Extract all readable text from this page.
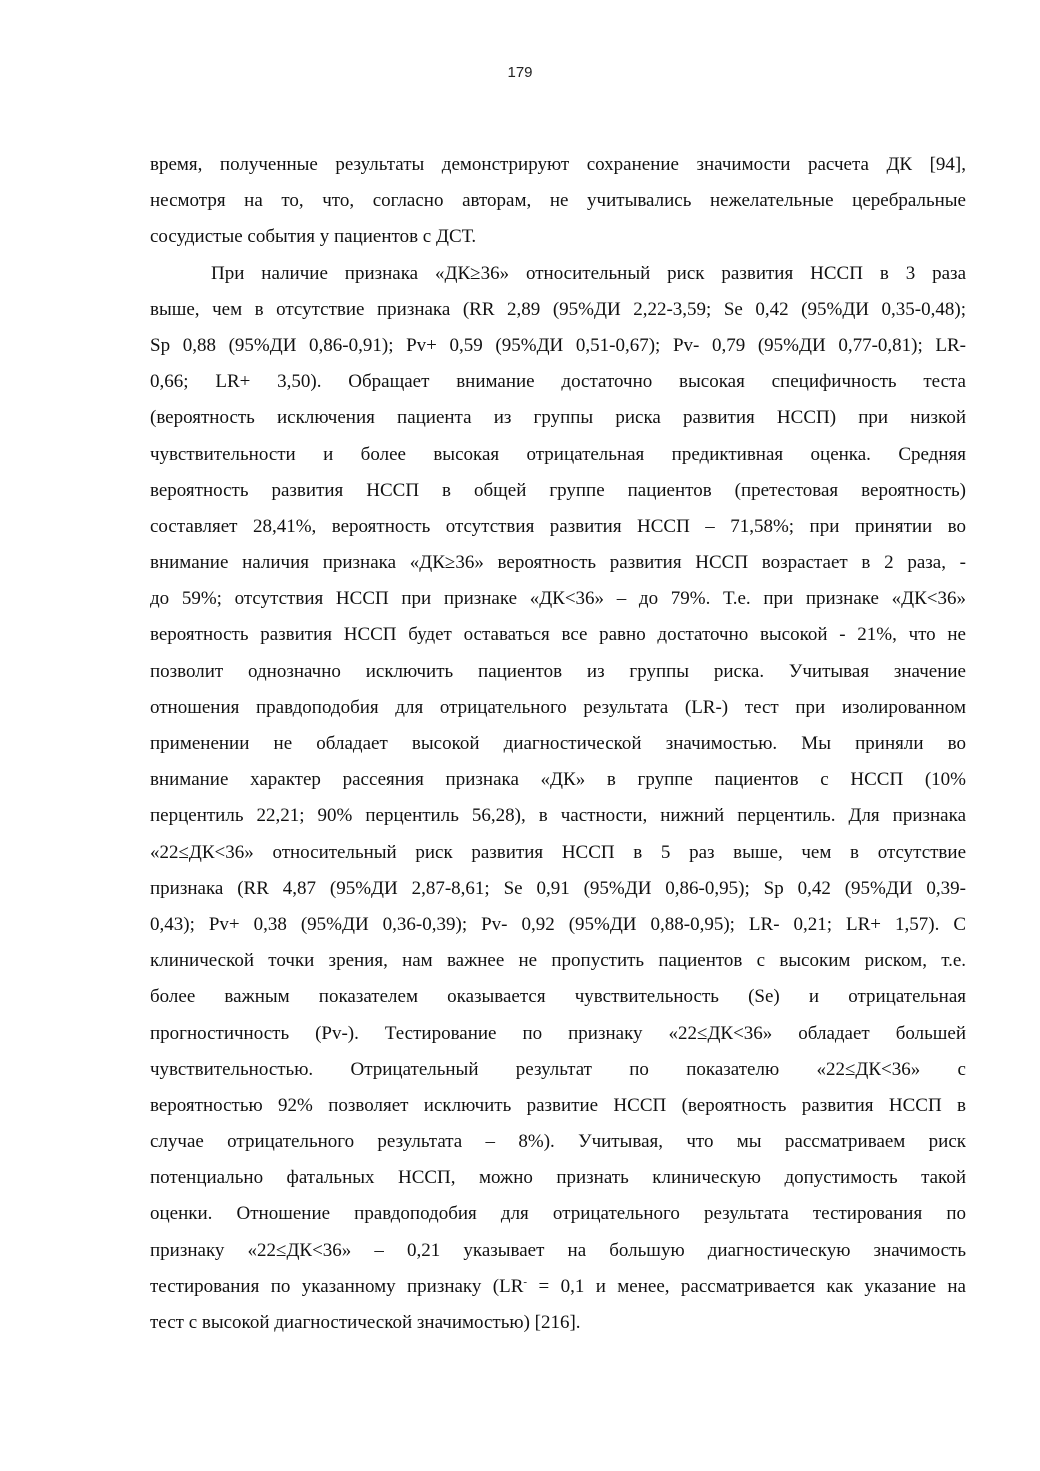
179
время, полученные результаты демонстрируют сохранение значимости расчета ДК [94],
несмотря на то, что, согласно авторам, не учитывались нежелательные церебральные
сосудистые события у пациентов с ДСТ.
При наличие признака «ДК≥36» относительный риск развития НССП в 3 раза
выше, чем в отсутствие признака (RR 2,89 (95%ДИ 2,22-3,59; Se 0,42 (95%ДИ 0,35-0,48);
Sp 0,88 (95%ДИ 0,86-0,91); Pv+ 0,59 (95%ДИ 0,51-0,67); Pv- 0,79 (95%ДИ 0,77-0,81); LR-
0,66; LR+ 3,50). Обращает внимание достаточно высокая специфичность теста
(вероятность исключения пациента из группы риска развития НССП) при низкой
чувствительности и более высокая отрицательная предиктивная оценка. Средняя
вероятность развития НССП в общей группе пациентов (претестовая вероятность)
составляет 28,41%, вероятность отсутствия развития НССП – 71,58%; при принятии во
внимание наличия признака «ДК≥36» вероятность развития НССП возрастает в 2 раза, -
до 59%; отсутствия НССП при признаке «ДК<36» – до 79%. Т.е. при признаке «ДК<36»
вероятность развития НССП будет оставаться все равно достаточно высокой - 21%, что не
позволит однозначно исключить пациентов из группы риска. Учитывая значение
отношения правдоподобия для отрицательного результата (LR-) тест при изолированном
применении не обладает высокой диагностической значимостью. Мы приняли во
внимание характер рассеяния признака «ДК» в группе пациентов с НССП (10%
перцентиль 22,21; 90% перцентиль 56,28), в частности, нижний перцентиль. Для признака
«22≤ДК<36» относительный риск развития НССП в 5 раз выше, чем в отсутствие
признака (RR 4,87 (95%ДИ 2,87-8,61; Se 0,91 (95%ДИ 0,86-0,95); Sp 0,42 (95%ДИ 0,39-
0,43); Pv+ 0,38 (95%ДИ 0,36-0,39); Pv- 0,92 (95%ДИ 0,88-0,95); LR- 0,21; LR+ 1,57). С
клинической точки зрения, нам важнее не пропустить пациентов с высоким риском, т.е.
более важным показателем оказывается чувствительность (Se) и отрицательная
прогностичность (Pv-). Тестирование по признаку «22≤ДК<36» обладает большей
чувствительностью. Отрицательный результат по показателю «22≤ДК<36» с
вероятностью 92% позволяет исключить развитие НССП (вероятность развития НССП в
случае отрицательного результата – 8%). Учитывая, что мы рассматриваем риск
потенциально фатальных НССП, можно признать клиническую допустимость такой
оценки. Отношение правдоподобия для отрицательного результата тестирования по
признаку «22≤ДК<36» – 0,21 указывает на большую диагностическую значимость
тестирования по указанному признаку (LR- = 0,1 и менее, рассматривается как указание на
тест с высокой диагностической значимостью) [216].
